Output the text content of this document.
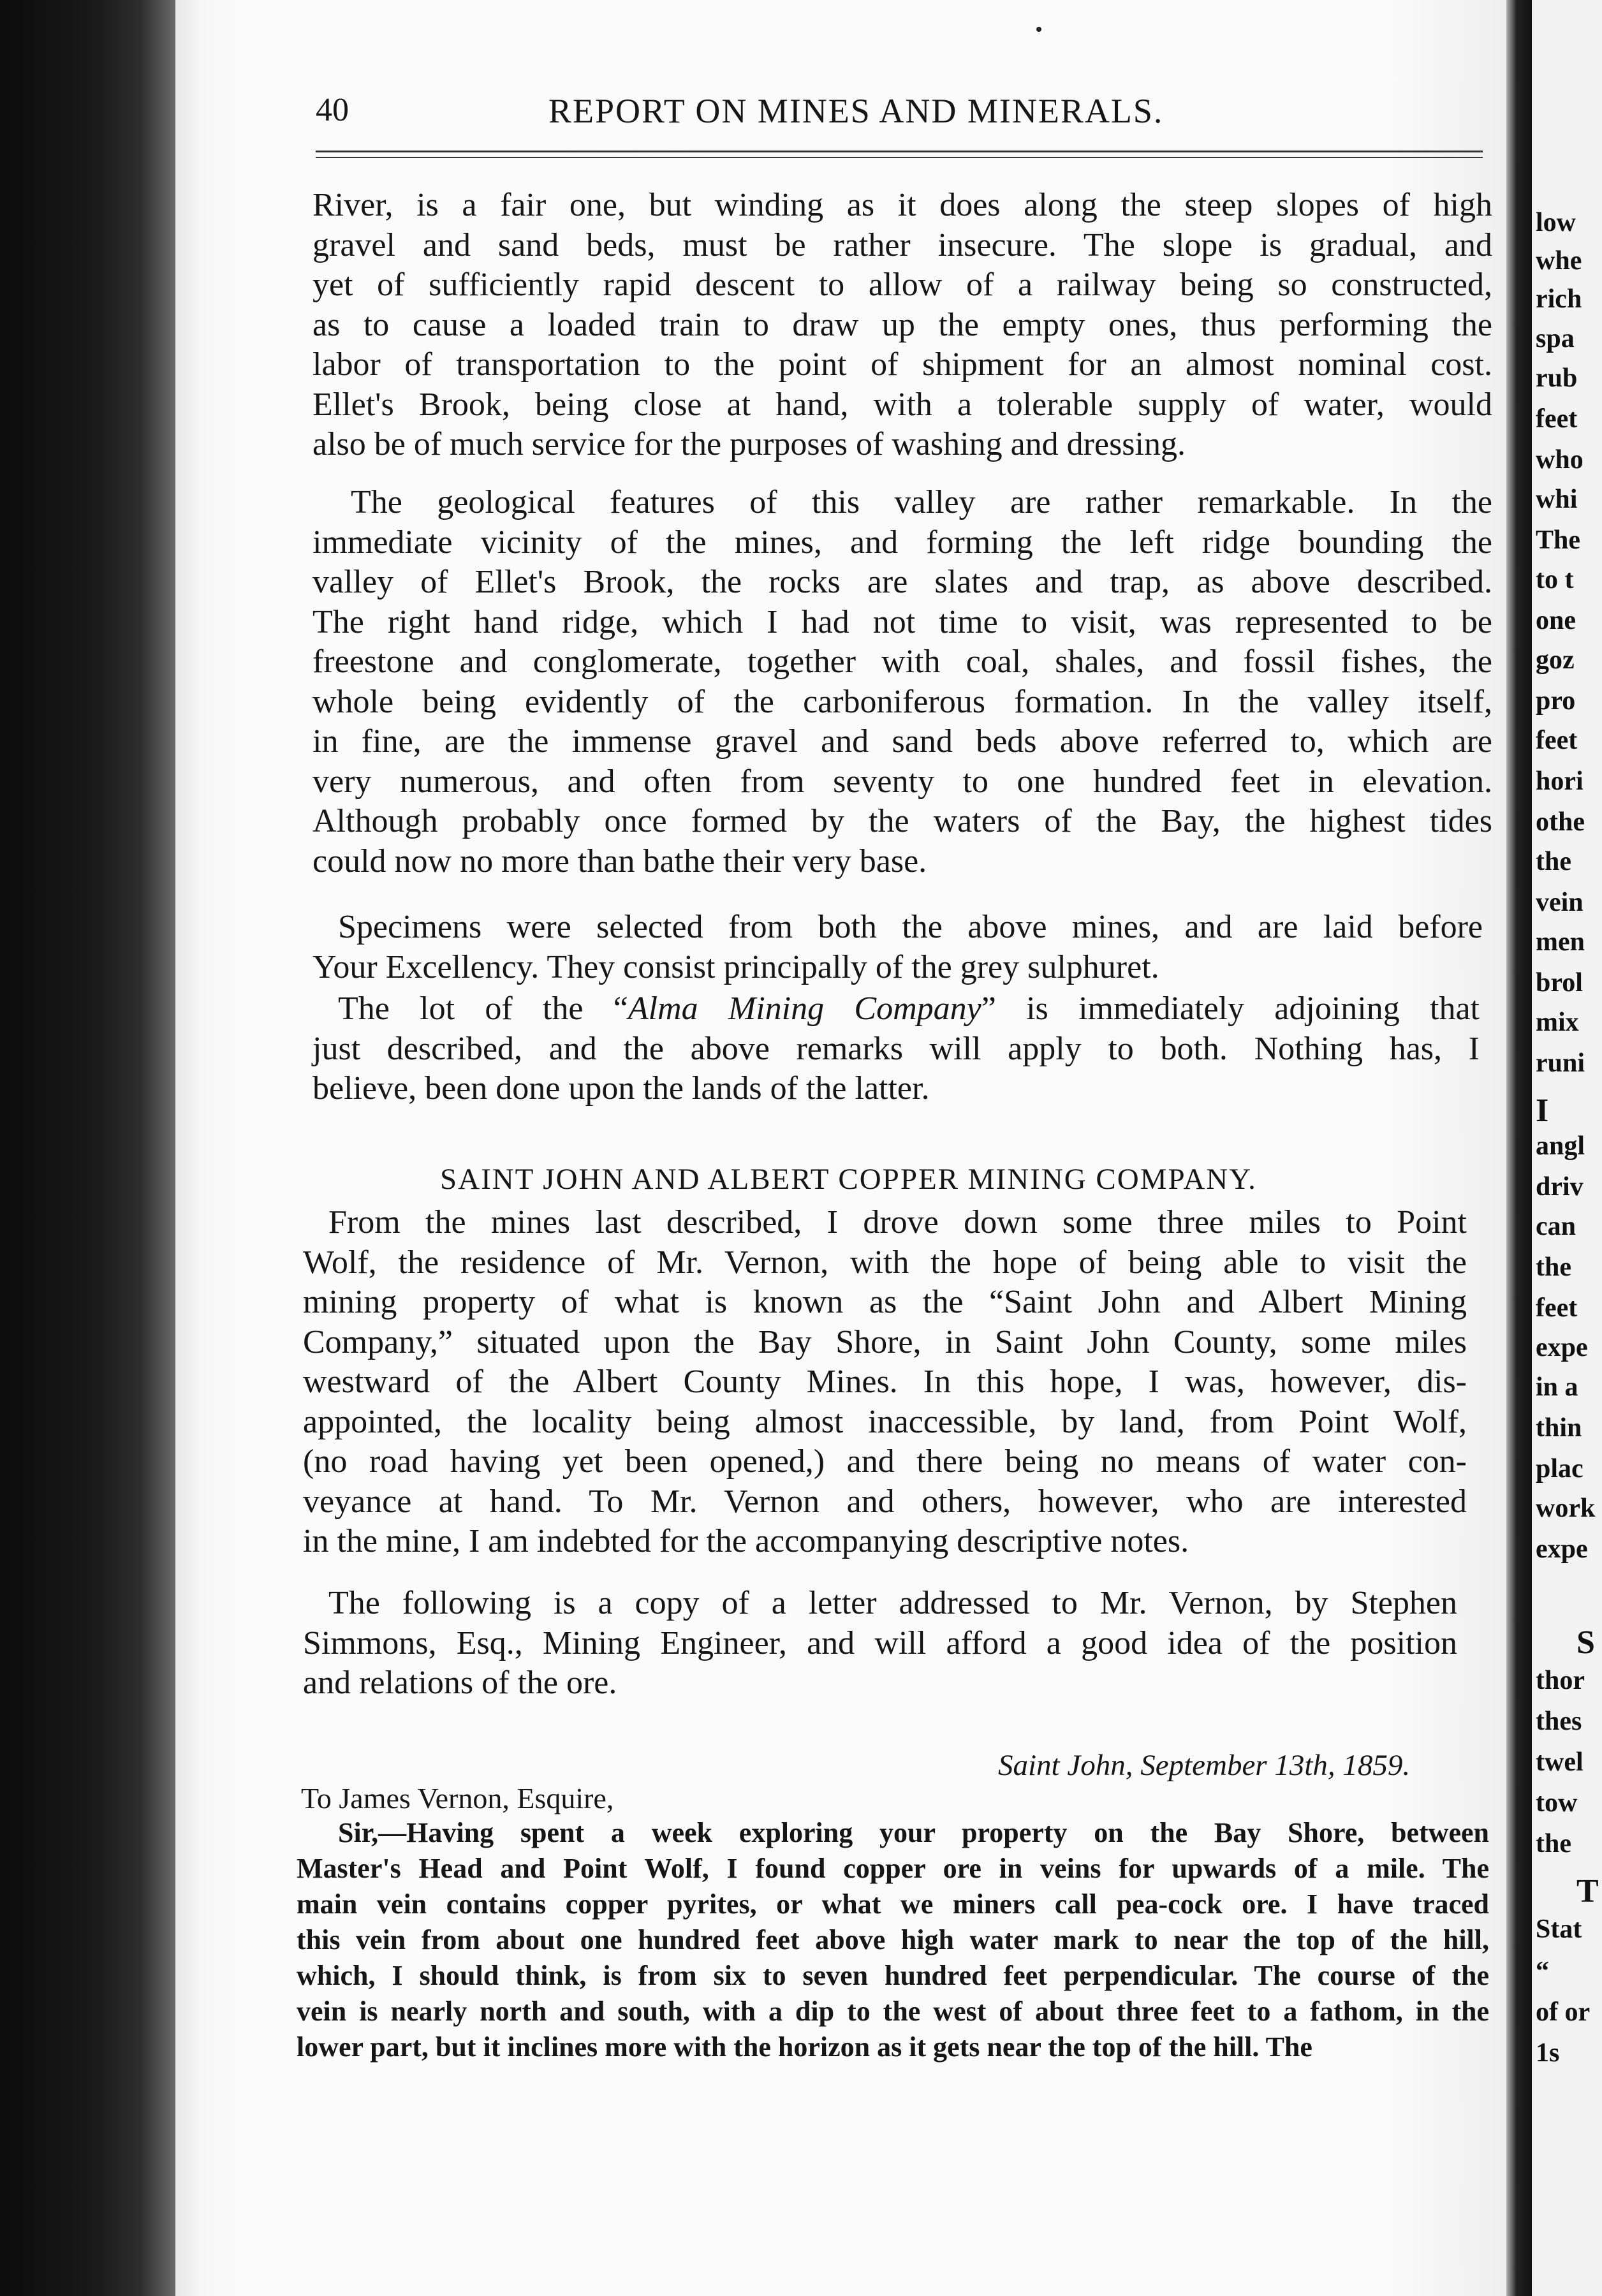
low
whe
rich
spa
rub
feet
who
whi
The
to t
one
goz
pro
feet
hori
othe
the
vein
men
brol
mix
runi
I
angl
driv
can
the
feet
expe
in a
thin
plac
work
expe
S
thor
thes
twel
tow
the
T
Stat
“
of or
1s
40	REPORT ON MINES AND MINERALS.
River, is a fair one, but winding as it does along the steep slopes of high
gravel and sand beds, must be rather insecure. The slope is gradual, and
yet of sufficiently rapid descent to allow of a railway being so constructed,
as to cause a loaded train to draw up the empty ones, thus performing the
labor of transportation to the point of shipment for an almost nominal cost.
Ellet's Brook, being close at hand, with a tolerable supply of water, would
also be of much service for the purposes of washing and dressing.
The geological features of this valley are rather remarkable. In the
immediate vicinity of the mines, and forming the left ridge bounding the
valley of Ellet's Brook, the rocks are slates and trap, as above described.
The right hand ridge, which I had not time to visit, was represented to be
freestone and conglomerate, together with coal, shales, and fossil fishes, the
whole being evidently of the carboniferous formation. In the valley itself,
in fine, are the immense gravel and sand beds above referred to, which are
very numerous, and often from seventy to one hundred feet in elevation.
Although probably once formed by the waters of the Bay, the highest tides
could now no more than bathe their very base.
Specimens were selected from both the above mines, and are laid before
Your Excellency. They consist principally of the grey sulphuret.
The lot of the “Alma Mining Company” is immediately adjoining that
just described, and the above remarks will apply to both. Nothing has, I
believe, been done upon the lands of the latter.
From the mines last described, I drove down some three miles to Point
Wolf, the residence of Mr. Vernon, with the hope of being able to visit the
mining property of what is known as the “Saint John and Albert Mining
Company,” situated upon the Bay Shore, in Saint John County, some miles
westward of the Albert County Mines. In this hope, I was, however, dis-
appointed, the locality being almost inaccessible, by land, from Point Wolf,
(no road having yet been opened,) and there being no means of water con-
veyance at hand. To Mr. Vernon and others, however, who are interested
in the mine, I am indebted for the accompanying descriptive notes.
The following is a copy of a letter addressed to Mr. Vernon, by Stephen
Simmons, Esq., Mining Engineer, and will afford a good idea of the position
and relations of the ore.
Sir,—Having spent a week exploring your property on the Bay Shore, between
Master's Head and Point Wolf, I found copper ore in veins for upwards of a mile. The
main vein contains copper pyrites, or what we miners call pea-cock ore. I have traced
this vein from about one hundred feet above high water mark to near the top of the hill,
which, I should think, is from six to seven hundred feet perpendicular. The course of the
vein is nearly north and south, with a dip to the west of about three feet to a fathom, in the
lower part, but it inclines more with the horizon as it gets near the top of the hill. The
SAINT JOHN AND ALBERT COPPER MINING COMPANY.
Saint John, September 13th, 1859.
To James Vernon, Esquire,
